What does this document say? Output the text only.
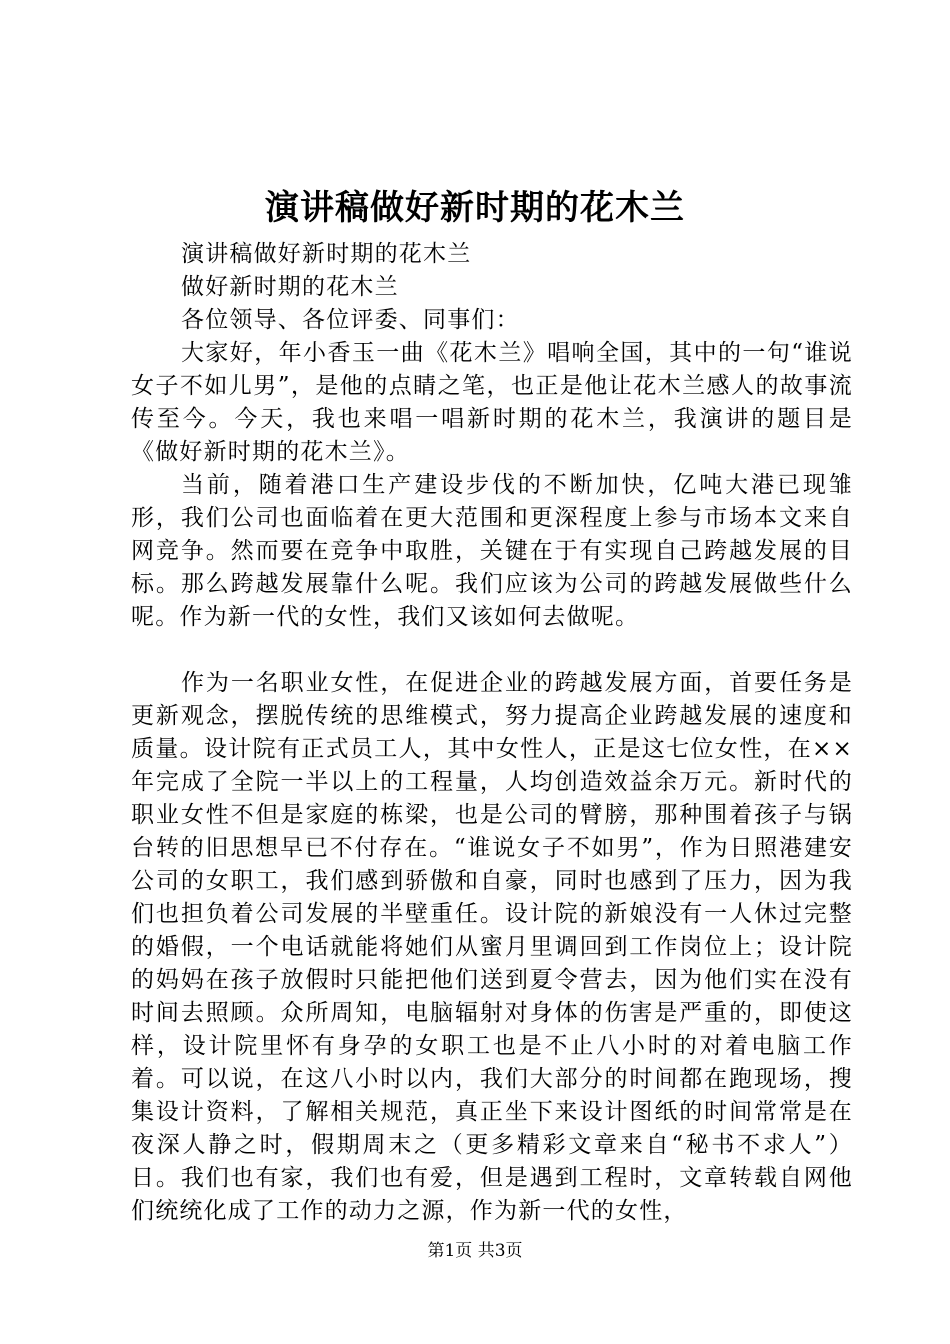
演讲稿做好新时期的花木兰

演讲稿做好新时期的花木兰

做好新时期的花木兰

各位领导、各位评委、同事们：

大家好，年小香玉一曲《花木兰》唱响全国，其中的一句“谁说女子不如儿男”，是他的点睛之笔，也正是他让花木兰感人的故事流传至今。今天，我也来唱一唱新时期的花木兰，我演讲的题目是《做好新时期的花木兰》。

当前，随着港口生产建设步伐的不断加快，亿吨大港已现雏形，我们公司也面临着在更大范围和更深程度上参与市场本文来自网竞争。然而要在竞争中取胜，关键在于有实现自己跨越发展的目标。那么跨越发展靠什么呢。我们应该为公司的跨越发展做些什么呢。作为新一代的女性，我们又该如何去做呢。

作为一名职业女性，在促进企业的跨越发展方面，首要任务是更新观念，摆脱传统的思维模式，努力提高企业跨越发展的速度和质量。设计院有正式员工人，其中女性人，正是这七位女性，在××年完成了全院一半以上的工程量，人均创造效益余万元。新时代的职业女性不但是家庭的栋梁，也是公司的臂膀，那种围着孩子与锅台转的旧思想早已不付存在。“谁说女子不如男”，作为日照港建安公司的女职工，我们感到骄傲和自豪，同时也感到了压力，因为我们也担负着公司发展的半壁重任。设计院的新娘没有一人休过完整的婚假，一个电话就能将她们从蜜月里调回到工作岗位上；设计院的妈妈在孩子放假时只能把他们送到夏令营去，因为他们实在没有时间去照顾。众所周知，电脑辐射对身体的伤害是严重的，即使这样，设计院里怀有身孕的女职工也是不止八小时的对着电脑工作着。可以说，在这八小时以内，我们大部分的时间都在跑现场，搜集设计资料，了解相关规范，真正坐下来设计图纸的时间常常是在夜深人静之时，假期周末之（更多精彩文章来自“秘书不求人”）日。我们也有家，我们也有爱，但是遇到工程时，文章转载自网他们统统化成了工作的动力之源，作为新一代的女性，

第1页 共3页
